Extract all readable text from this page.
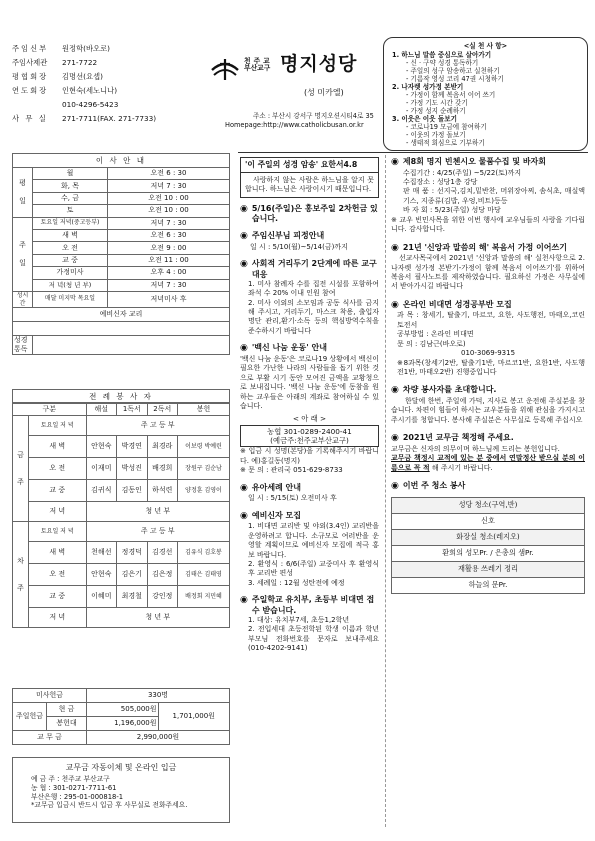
주임신부	원정학(바오로)
주임사제관	271-7722
평협회장	김명선(요셉)
연도회장	인현숙(세노니나)
010-4296-5423
사 무 실	271-7711(FAX. 271-7733)
이 사 안 내
평

일	월	오전 6 : 30
	화, 목	저녁 7 : 30
	수, 금	오전 10 : 00
	토	오전 10 : 00
주

일	토요일 저녁(중고등부)	저녁 7 : 30
	새 벽	오전 6 : 30
	오 전	오전 9 : 00
	교 중	오전 11 : 00
	가정미사	오후 4 : 00
	저 녁(청 년 부)	저녁 7 : 30
성시간	매달 미지막 목요일	저녁미사 후
예비신자 교리		

성경통독		
전 례 봉 사 자
구분		해설	1독서	2독서	봉헌
금

주	토요일 저 녁	주 고 등 부			
	새 벽	안현숙	박경연	최경라	이보령 박예린
	오 전	이재미	박성진	배경희	장원구 김순남
	교 중	김귀식	김동인	하석련	양정훈 김영이
	저 녁	청 년 부			
차

주	토요일 저 녁	주 고 등 부			
	새 벽	천해선	정경덕	김경선	김유식 김호봉
	오 전	안현숙	김은기	김은정	김태은 김태영
	교 중	이혜미	최경철	강인정	배정회 지민혜
	저 녁	청 년 부			
미사헌금		330명	
주일헌금	현 금	505,000원	1,701,000원
	봉헌대	1,196,000원	
교 무 금		2,990,000원	
교무금 자동이체 및 온라인 입금
예 금 주 : 천주교 부산교구
농 협 : 301-0271-7711-61
부산은행 : 295-01-000818-1
*교무금 입금시 반드시 입금 후 사무실로 전화주세요.
천주교
부산교구 명지성당
(성 미카엘)
주소 : 부산시 강서구 명지오션시티4로 35
Homepage:http://www.catholicbusan.or.kr
<실 천 사 항>
1. 하느님 말씀 중심으로 살아가기
- 신 · 구약 성경 통독하기
- 주일의 성구 암송하고 실천하기
- 기름작 영성 코리 47권 시청하기
2. 나자렛 성가정 본받기
- 가정이 함께 복음서 이어 쓰기
- 가정 기도 시간 갖기
- 가정 성지 순례하기
3. 이웃은 이웃 돌보기
- 코로나19 모금에 참여하기
- 이웃의 가정 돌보기
- 생태적 회심으로 기부하기
'이 주일의 성경 암송' 요한서4.8
사랑하지 않는 사람은 하느님을 알지 못합니다. 하느님은 사랑이시기 때문입니다.
◉ 5/16(주일)은 홍보주일 2차헌금 있습니다.
◉ 주임신부님 피정안내
일 시 : 5/10(월)~5/14(금)까지
◉ 사회적 거리두기 2단계에 따른 교구 대응
1. 미사 참례자 수를 집전 시설를 포함하여 좌석 수 20% 이내 인원 참여
2. 미사 이외의 소모임과 공동 식사를 금지해 주시고, 거리두기, 마스크 착용, 출입자 명단 관리,환기·소독 등의 핵심방역수칙을 준수하시기 바랍니다
◉ '백신 나눔 운동' 안내
'백신 나눔 운동'은 코로나19 상황에서 백신이 필요한 가난한 나라의 사람들을 돕기 위한 것으로 부활 시기 동안 모여진 금액을 교황청으로 보내집니다. '백신 나눔 운동'에 동참을 원하는 교우들은 아래의 계좌로 참여하실 수 있습니다.
< 아 래 >
농협 301-0289-2400-41
(예금주:천주교부산교구)
※ 입금 시 성명(본당)을 기록해주시기 바랍니다. 예)홍길동(명지)
※ 문 의 : 관리국 051-629-8733
◉ 유아세례 안내
일 시 : 5/15(토) 오전미사 후
◉ 예비신자 모집
1. 비대면 교리반 및 야외(3.4인) 교리반을 운영하려고 합니다. 소규모로 여러반을 운영할 계획이므로 예비신자 모집에 적극 홍보 바랍니다.
2. 환영식 : 6/6(주일) 교중미사 후 환영식 후 교리반 편성
3. 세례일 : 12월 성탄전에 예정
◉ 주일학교 유치부, 초등부 비대면 접수 받습니다.
1. 대상: 유치부7세, 초등1,2학년
2. 전입세대 초등전학된 학생 이름과 학년 부모님 전화번호를 문자로 보내주세요 (010-4202-9141)
◉ 제8회 명지 빈첸시오 물품수집 및 바자회
수집기간 : 4/25(주일) ~5/22(토)까지
수집장소 : 성당1층 강당
판 매 품 : 선지국,김치,밑반찬, 머위장아찌, 솜식초, 매실액기스, 지종류(김밥, 우엉,비트)등등
바 자 회 : 5/23(주일) 성당 마당
※ 교우 빈민사목을 위한 이번 행사에 교우님들의 사랑을 기다립니다. 감사합니다.
◉ 21년 '신앙과 말씀의 해' 복음서 가정 이어쓰기
선교사목국에서 2021년 '신앙과 말씀의 해' 실천사항으로 2. 나자렛 성가정 본받기-가정이 함께 복음서 이어쓰기'를 위하여 복음서 필사노트를 제작하였습니다. 필요하신 가정은 사무실에서 받아가시길 바랍니다
◉ 온라인 비대면 성경공부반 모집
과 목 : 창세기, 탈출기, 마르코, 요한, 사도행전, 마태오,코린토전서
공부방법 : 온라인 비대면
문 의 : 김남근(바오로)
010-3069-9315
※8과목(창세기2반, 탈출기1반, 마르코1반, 요한1반, 사도행전1반, 마태오2반) 진행중입니다
◉ 차량 봉사자를 초대합니다.
한달에 한번, 주일에 가덕, 지사로 봉고 운전해 주실분을 찾습니다. 차편이 힘들어 하시는 교우분들을 위해 관심을 가지시고 주시기를 청합니다. 봉사해 주실분은 사무실로 등록해 주십시오
◉ 2021년 교무금 책정해 주세요.
교무금은 신자의 의무이며 하느님께 드리는 봉헌입니다.
교무금 책정시 교적에 있는 분 중에서 연말정산 받으실 분의 이름으로 꼭 적 해 주시기 바랍니다.
◉ 이번 주 청소 봉사
성당 청소(구역,반)
신호
화장실 청소(레지오)
환희의 성모Pr. / 은총의 샘Pr.
재활용 쓰레기 정리
하늘의 문Pr.
